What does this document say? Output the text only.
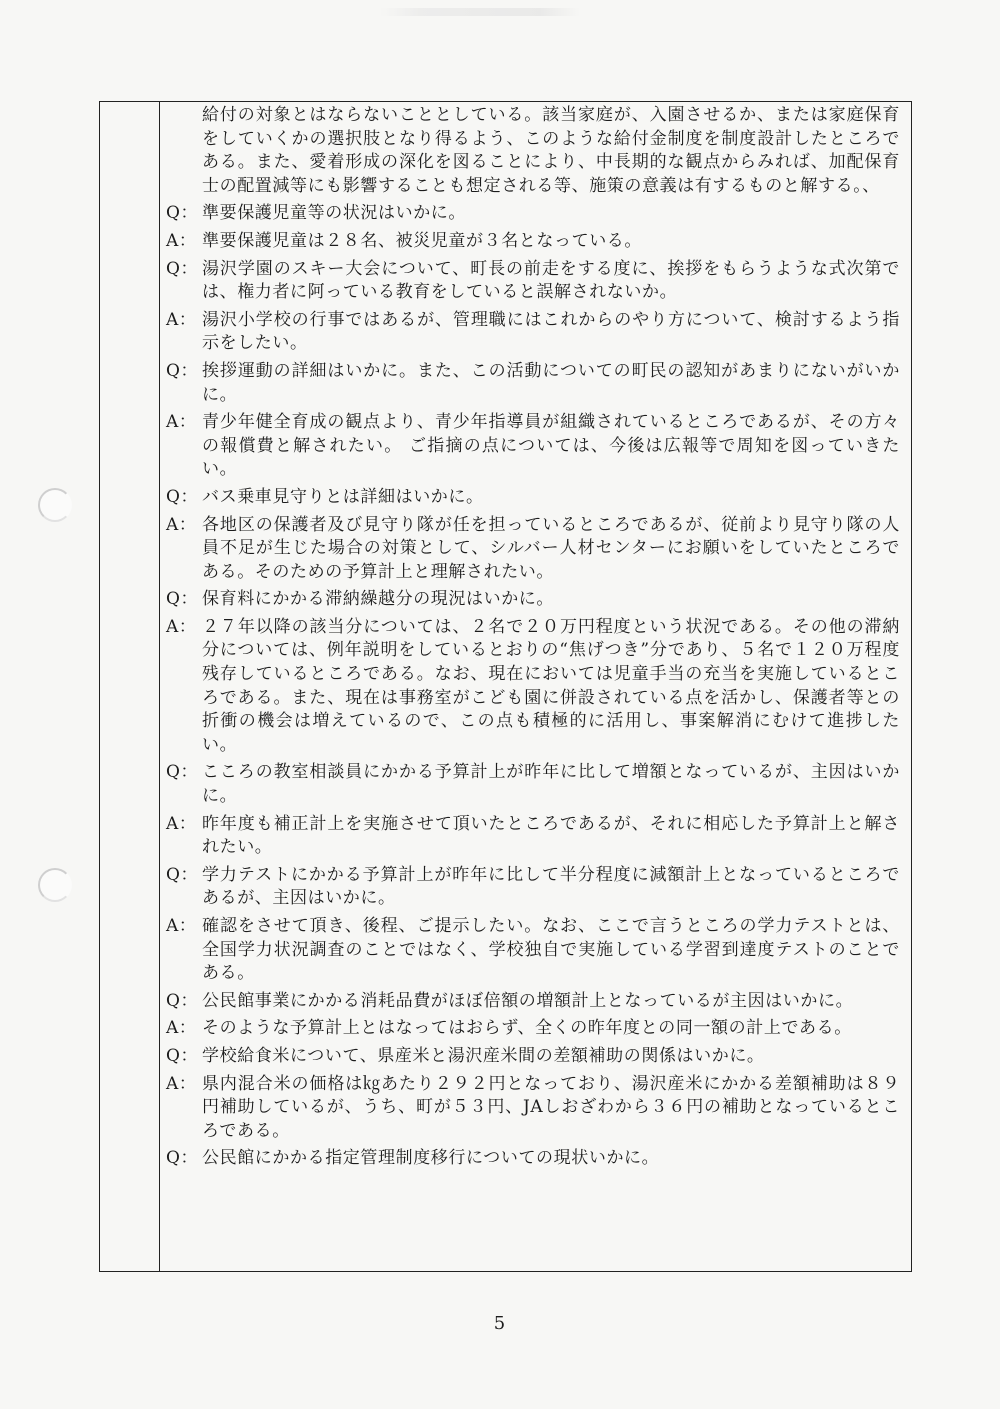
給付の対象とはならないこととしている。該当家庭が、入園させるか、または家庭保育をしていくかの選択肢となり得るよう、このような給付金制度を制度設計したところである。また、愛着形成の深化を図ることにより、中長期的な観点からみれば、加配保育士の配置減等にも影響することも想定される等、施策の意義は有するものと解する。、
Q： 準要保護児童等の状況はいかに。
A： 準要保護児童は２８名、被災児童が３名となっている。
Q： 湯沢学園のスキー大会について、町長の前走をする度に、挨拶をもらうような式次第では、権力者に阿っている教育をしていると誤解されないか。
A： 湯沢小学校の行事ではあるが、管理職にはこれからのやり方について、検討するよう指示をしたい。
Q： 挨拶運動の詳細はいかに。また、この活動についての町民の認知があまりにないがいかに。
A： 青少年健全育成の観点より、青少年指導員が組織されているところであるが、その方々の報償費と解されたい。 ご指摘の点については、今後は広報等で周知を図っていきたい。
Q： バス乗車見守りとは詳細はいかに。
A： 各地区の保護者及び見守り隊が任を担っているところであるが、従前より見守り隊の人員不足が生じた場合の対策として、シルバー人材センターにお願いをしていたところである。そのための予算計上と理解されたい。
Q： 保育料にかかる滞納繰越分の現況はいかに。
A： ２７年以降の該当分については、２名で２０万円程度という状況である。その他の滞納分については、例年説明をしているとおりの“焦げつき”分であり、５名で１２０万程度残存しているところである。なお、現在においては児童手当の充当を実施しているところである。また、現在は事務室がこども園に併設されている点を活かし、保護者等との折衝の機会は増えているので、この点も積極的に活用し、事案解消にむけて進捗したい。
Q： こころの教室相談員にかかる予算計上が昨年に比して増額となっているが、主因はいかに。
A： 昨年度も補正計上を実施させて頂いたところであるが、それに相応した予算計上と解されたい。
Q： 学力テストにかかる予算計上が昨年に比して半分程度に減額計上となっているところであるが、主因はいかに。
A： 確認をさせて頂き、後程、ご提示したい。なお、ここで言うところの学力テストとは、全国学力状況調査のことではなく、学校独自で実施している学習到達度テストのことである。
Q： 公民館事業にかかる消耗品費がほぼ倍額の増額計上となっているが主因はいかに。
A： そのような予算計上とはなってはおらず、全くの昨年度との同一額の計上である。
Q： 学校給食米について、県産米と湯沢産米間の差額補助の関係はいかに。
A： 県内混合米の価格は㎏あたり２９２円となっており、湯沢産米にかかる差額補助は８９円補助しているが、うち、町が５３円、JAしおざわから３６円の補助となっているところである。
Q： 公民館にかかる指定管理制度移行についての現状いかに。
5
